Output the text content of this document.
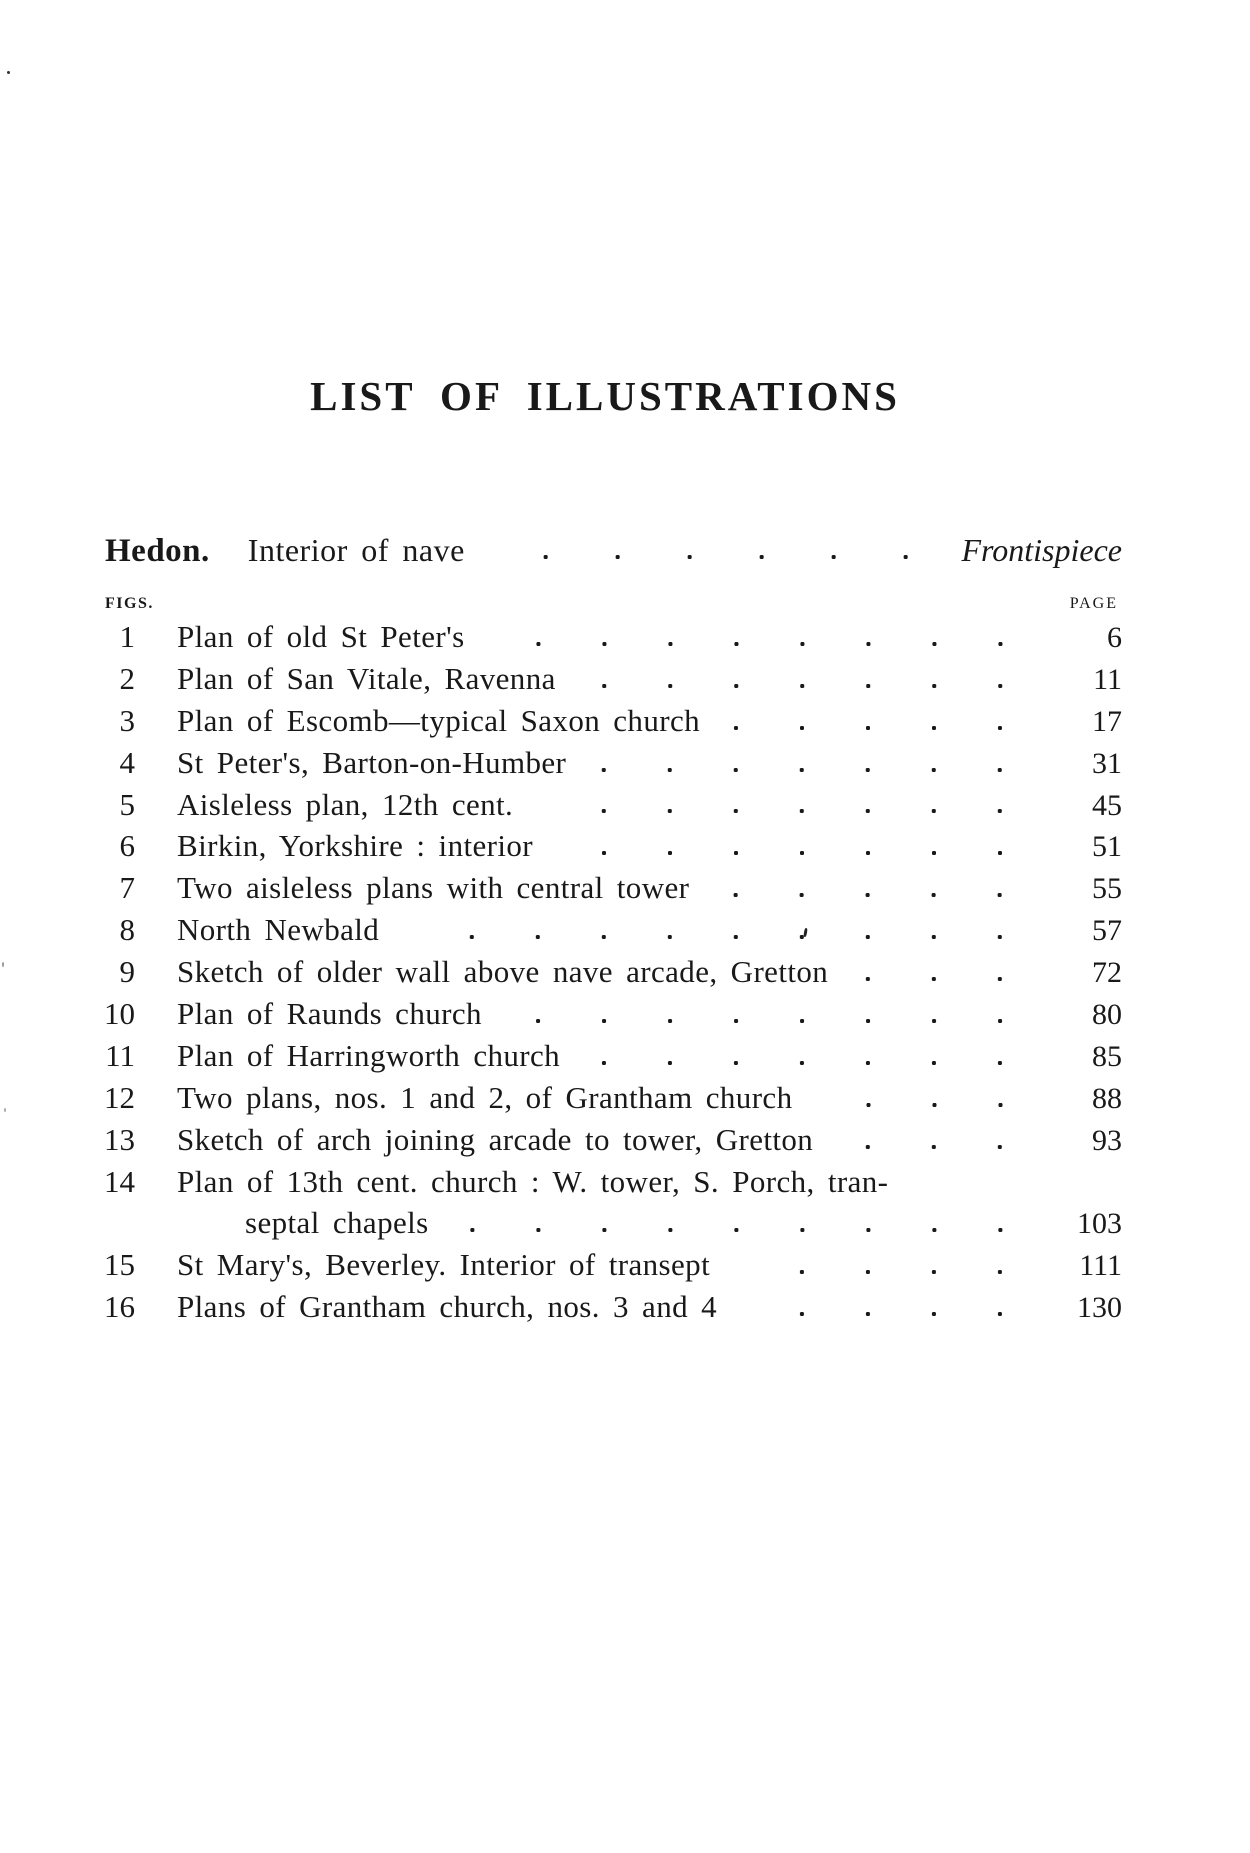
LIST OF ILLUSTRATIONS
Hedon. Interior of nave	Frontispiece
FIGS.	PAGE
1 Plan of old St Peter's	6
2 Plan of San Vitale, Ravenna	11
3 Plan of Escomb—typical Saxon church	17
4 St Peter's, Barton-on-Humber	31
5 Aisleless plan, 12th cent.	45
6 Birkin, Yorkshire : interior	51
7 Two aisleless plans with central tower	55
8 North Newbald	57
9 Sketch of older wall above nave arcade, Gretton	72
10 Plan of Raunds church	80
11 Plan of Harringworth church	85
12 Two plans, nos. 1 and 2, of Grantham church	88
13 Sketch of arch joining arcade to tower, Gretton	93
14 Plan of 13th cent. church : W. tower, S. Porch, tran-
septal chapels	103
15 St Mary's, Beverley. Interior of transept	111
16 Plans of Grantham church, nos. 3 and 4	130
